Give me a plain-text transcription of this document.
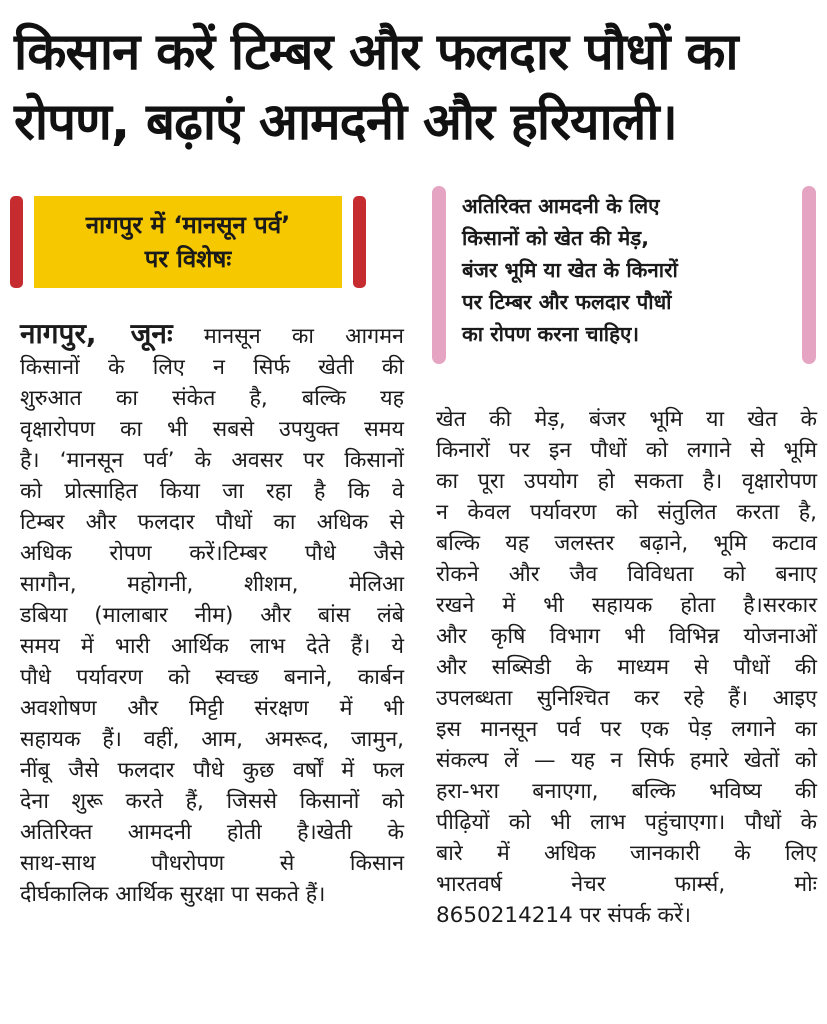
किसान करें टिम्बर और फलदार पौधों का
रोपण, बढ़ाएं आमदनी और हरियाली।
नागपुर में ‘मानसून पर्व’
पर विशेषः
अतिरिक्त आमदनी के लिए
किसानों को खेत की मेड़,
बंजर भूमि या खेत के किनारों
पर टिम्बर और फलदार पौधों
का रोपण करना चाहिए।
नागपुर, जूनः मानसून का आगमन
किसानों के लिए न सिर्फ खेती की
शुरुआत का संकेत है, बल्कि यह
वृक्षारोपण का भी सबसे उपयुक्त समय
है। ‘मानसून पर्व’ के अवसर पर किसानों
को प्रोत्साहित किया जा रहा है कि वे
टिम्बर और फलदार पौधों का अधिक से
अधिक रोपण करें।टिम्बर पौधे जैसे
सागौन, महोगनी, शीशम, मेलिआ
डबिया (मालाबार नीम) और बांस लंबे
समय में भारी आर्थिक लाभ देते हैं। ये
पौधे पर्यावरण को स्वच्छ बनाने, कार्बन
अवशोषण और मिट्टी संरक्षण में भी
सहायक हैं। वहीं, आम, अमरूद, जामुन,
नींबू जैसे फलदार पौधे कुछ वर्षों में फल
देना शुरू करते हैं, जिससे किसानों को
अतिरिक्त आमदनी होती है।खेती के
साथ-साथ पौधरोपण से किसान
दीर्घकालिक आर्थिक सुरक्षा पा सकते हैं।
खेत की मेड़, बंजर भूमि या खेत के
किनारों पर इन पौधों को लगाने से भूमि
का पूरा उपयोग हो सकता है। वृक्षारोपण
न केवल पर्यावरण को संतुलित करता है,
बल्कि यह जलस्तर बढ़ाने, भूमि कटाव
रोकने और जैव विविधता को बनाए
रखने में भी सहायक होता है।सरकार
और कृषि विभाग भी विभिन्न योजनाओं
और सब्सिडी के माध्यम से पौधों की
उपलब्धता सुनिश्चित कर रहे हैं। आइए
इस मानसून पर्व पर एक पेड़ लगाने का
संकल्प लें — यह न सिर्फ हमारे खेतों को
हरा-भरा बनाएगा, बल्कि भविष्य की
पीढ़ियों को भी लाभ पहुंचाएगा। पौधों के
बारे में अधिक जानकारी के लिए
भारतवर्ष नेचर फार्म्स, मोः
8650214214 पर संपर्क करें।
